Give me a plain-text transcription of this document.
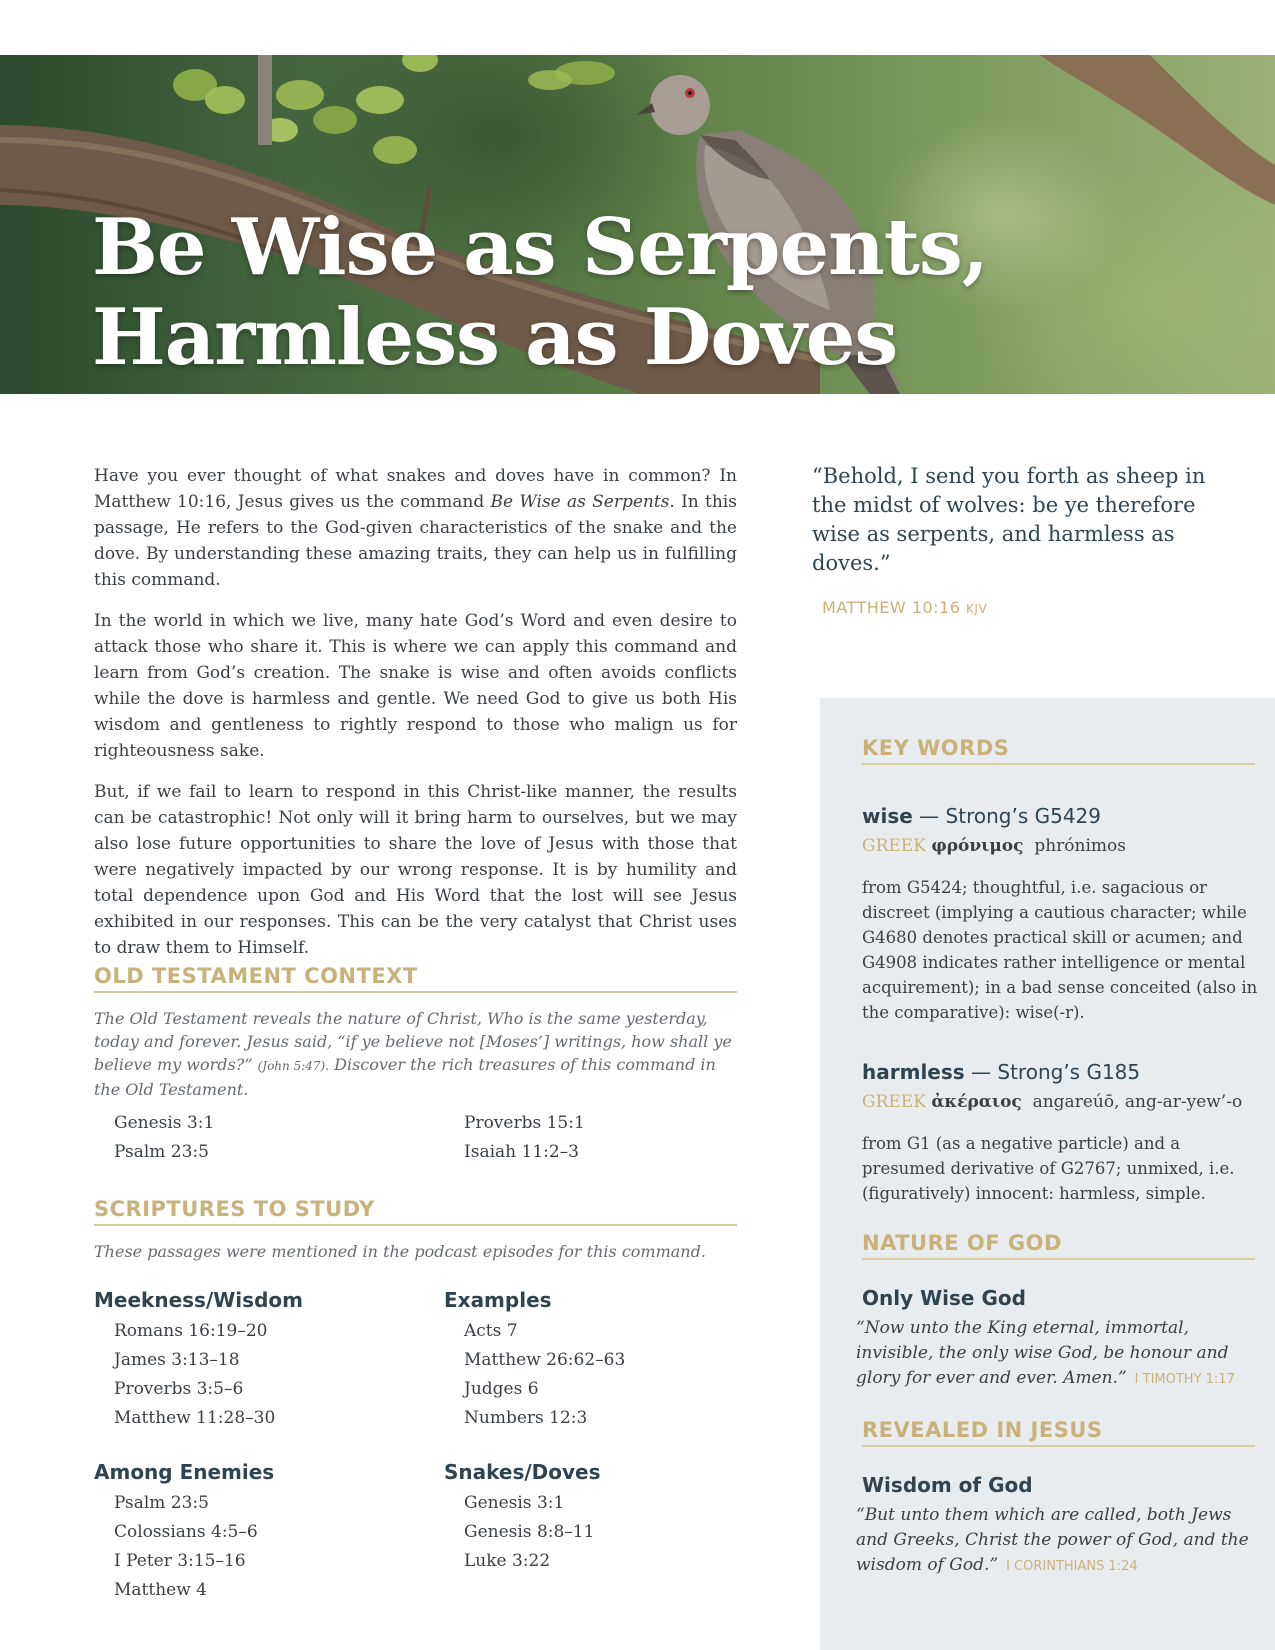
Be Wise as Serpents,
Harmless as Doves

Have you ever thought of what snakes and doves have in common? In Matthew 10:16, Jesus gives us the command Be Wise as Serpents. In this passage, He refers to the God-given characteristics of the snake and the dove. By understanding these amazing traits, they can help us in fulfilling this command.

In the world in which we live, many hate God’s Word and even desire to attack those who share it. This is where we can apply this command and learn from God’s creation. The snake is wise and often avoids conflicts while the dove is harmless and gentle. We need God to give us both His wisdom and gentleness to rightly respond to those who malign us for righteousness sake.

But, if we fail to learn to respond in this Christ-like manner, the results can be catastrophic! Not only will it bring harm to ourselves, but we may also lose future opportunities to share the love of Jesus with those that were negatively impacted by our wrong response. It is by humility and total dependence upon God and His Word that the lost will see Jesus exhibited in our responses. This can be the very catalyst that Christ uses to draw them to Himself.

OLD TESTAMENT CONTEXT

The Old Testament reveals the nature of Christ, Who is the same yesterday, today and forever. Jesus said, “if ye believe not [Moses’] writings, how shall ye believe my words?” (John 5:47). Discover the rich treasures of this command in the Old Testament.

Genesis 3:1
Psalm 23:5
Proverbs 15:1
Isaiah 11:2–3
SCRIPTURES TO STUDY

These passages were mentioned in the podcast episodes for this command.

Meekness/Wisdom
Romans 16:19–20
James 3:13–18
Proverbs 3:5–6
Matthew 11:28–30
Examples
Acts 7
Matthew 26:62–63
Judges 6
Numbers 12:3
Among Enemies
Psalm 23:5
Colossians 4:5–6
I Peter 3:15–16
Matthew 4
Snakes/Doves
Genesis 3:1
Genesis 8:8–11
Luke 3:22

“Behold, I send you forth as sheep in the midst of wolves: be ye therefore wise as serpents, and harmless as doves.”

MATTHEW 10:16 KJV
KEY WORDS
wise — Strong’s G5429
GREEK φρόνιμος phrónimos

from G5424; thoughtful, i.e. sagacious or discreet (implying a cautious character; while G4680 denotes practical skill or acumen; and G4908 indicates rather intelligence or mental acquirement); in a bad sense conceited (also in the comparative): wise(-r).

harmless — Strong’s G185
GREEK ἀκέραιος angareúō, ang-ar-yew’-o

from G1 (as a negative particle) and a presumed derivative of G2767; unmixed, i.e. (figuratively) innocent: harmless, simple.

NATURE OF GOD
Only Wise God

“Now unto the King eternal, immortal, invisible, the only wise God, be honour and glory for ever and ever. Amen.” I TIMOTHY 1:17

REVEALED IN JESUS
Wisdom of God

“But unto them which are called, both Jews and Greeks, Christ the power of God, and the wisdom of God.” I CORINTHIANS 1:24
